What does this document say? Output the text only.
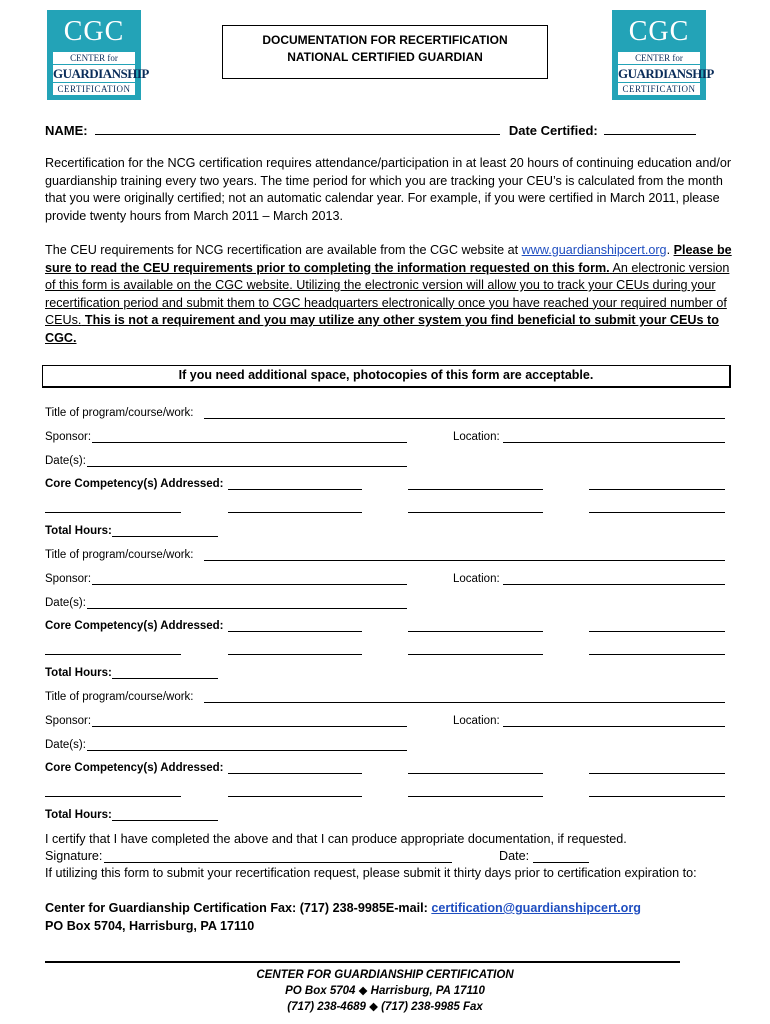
CGC
CENTER for
GUARDIANSHIP
CERTIFICATION
CGC
CENTER for
GUARDIANSHIP
CERTIFICATION
DOCUMENTATION FOR RECERTIFICATION
NATIONAL CERTIFIED GUARDIAN
NAME:	Date Certified:
Recertification for the NCG certification requires attendance/participation in at least 20 hours of continuing education and/or guardianship training every two years. The time period for which you are tracking your CEU’s is calculated from the month that you were originally certified; not an automatic calendar year. For example, if you were certified in March 2011, please provide twenty hours from March 2011 – March 2013.
The CEU requirements for NCG recertification are available from the CGC website at www.guardianshipcert.org. Please be sure to read the CEU requirements prior to completing the information requested on this form. An electronic version of this form is available on the CGC website. Utilizing the electronic version will allow you to track your CEUs during your recertification period and submit them to CGC headquarters electronically once you have reached your required number of CEUs. This is not a requirement and you may utilize any other system you find beneficial to submit your CEUs to CGC.
If you need additional space, photocopies of this form are acceptable.
Title of program/course/work:
Sponsor:	Location:
Date(s):
Core Competency(s) Addressed:
Total Hours:
Title of program/course/work:
Sponsor:	Location:
Date(s):
Core Competency(s) Addressed:
Total Hours:
Title of program/course/work:
Sponsor:	Location:
Date(s):
Core Competency(s) Addressed:
Total Hours:
I certify that I have completed the above and that I can produce appropriate documentation, if requested.
Signature:	Date:
If utilizing this form to submit your recertification request, please submit it thirty days prior to certification expiration to:
Center for Guardianship Certification Fax: (717) 238-9985E-mail: certification@guardianshipcert.org
PO Box 5704, Harrisburg, PA 17110
CENTER FOR GUARDIANSHIP CERTIFICATION
PO Box 5704 ◆ Harrisburg, PA 17110
(717) 238-4689 ◆ (717) 238-9985 Fax
